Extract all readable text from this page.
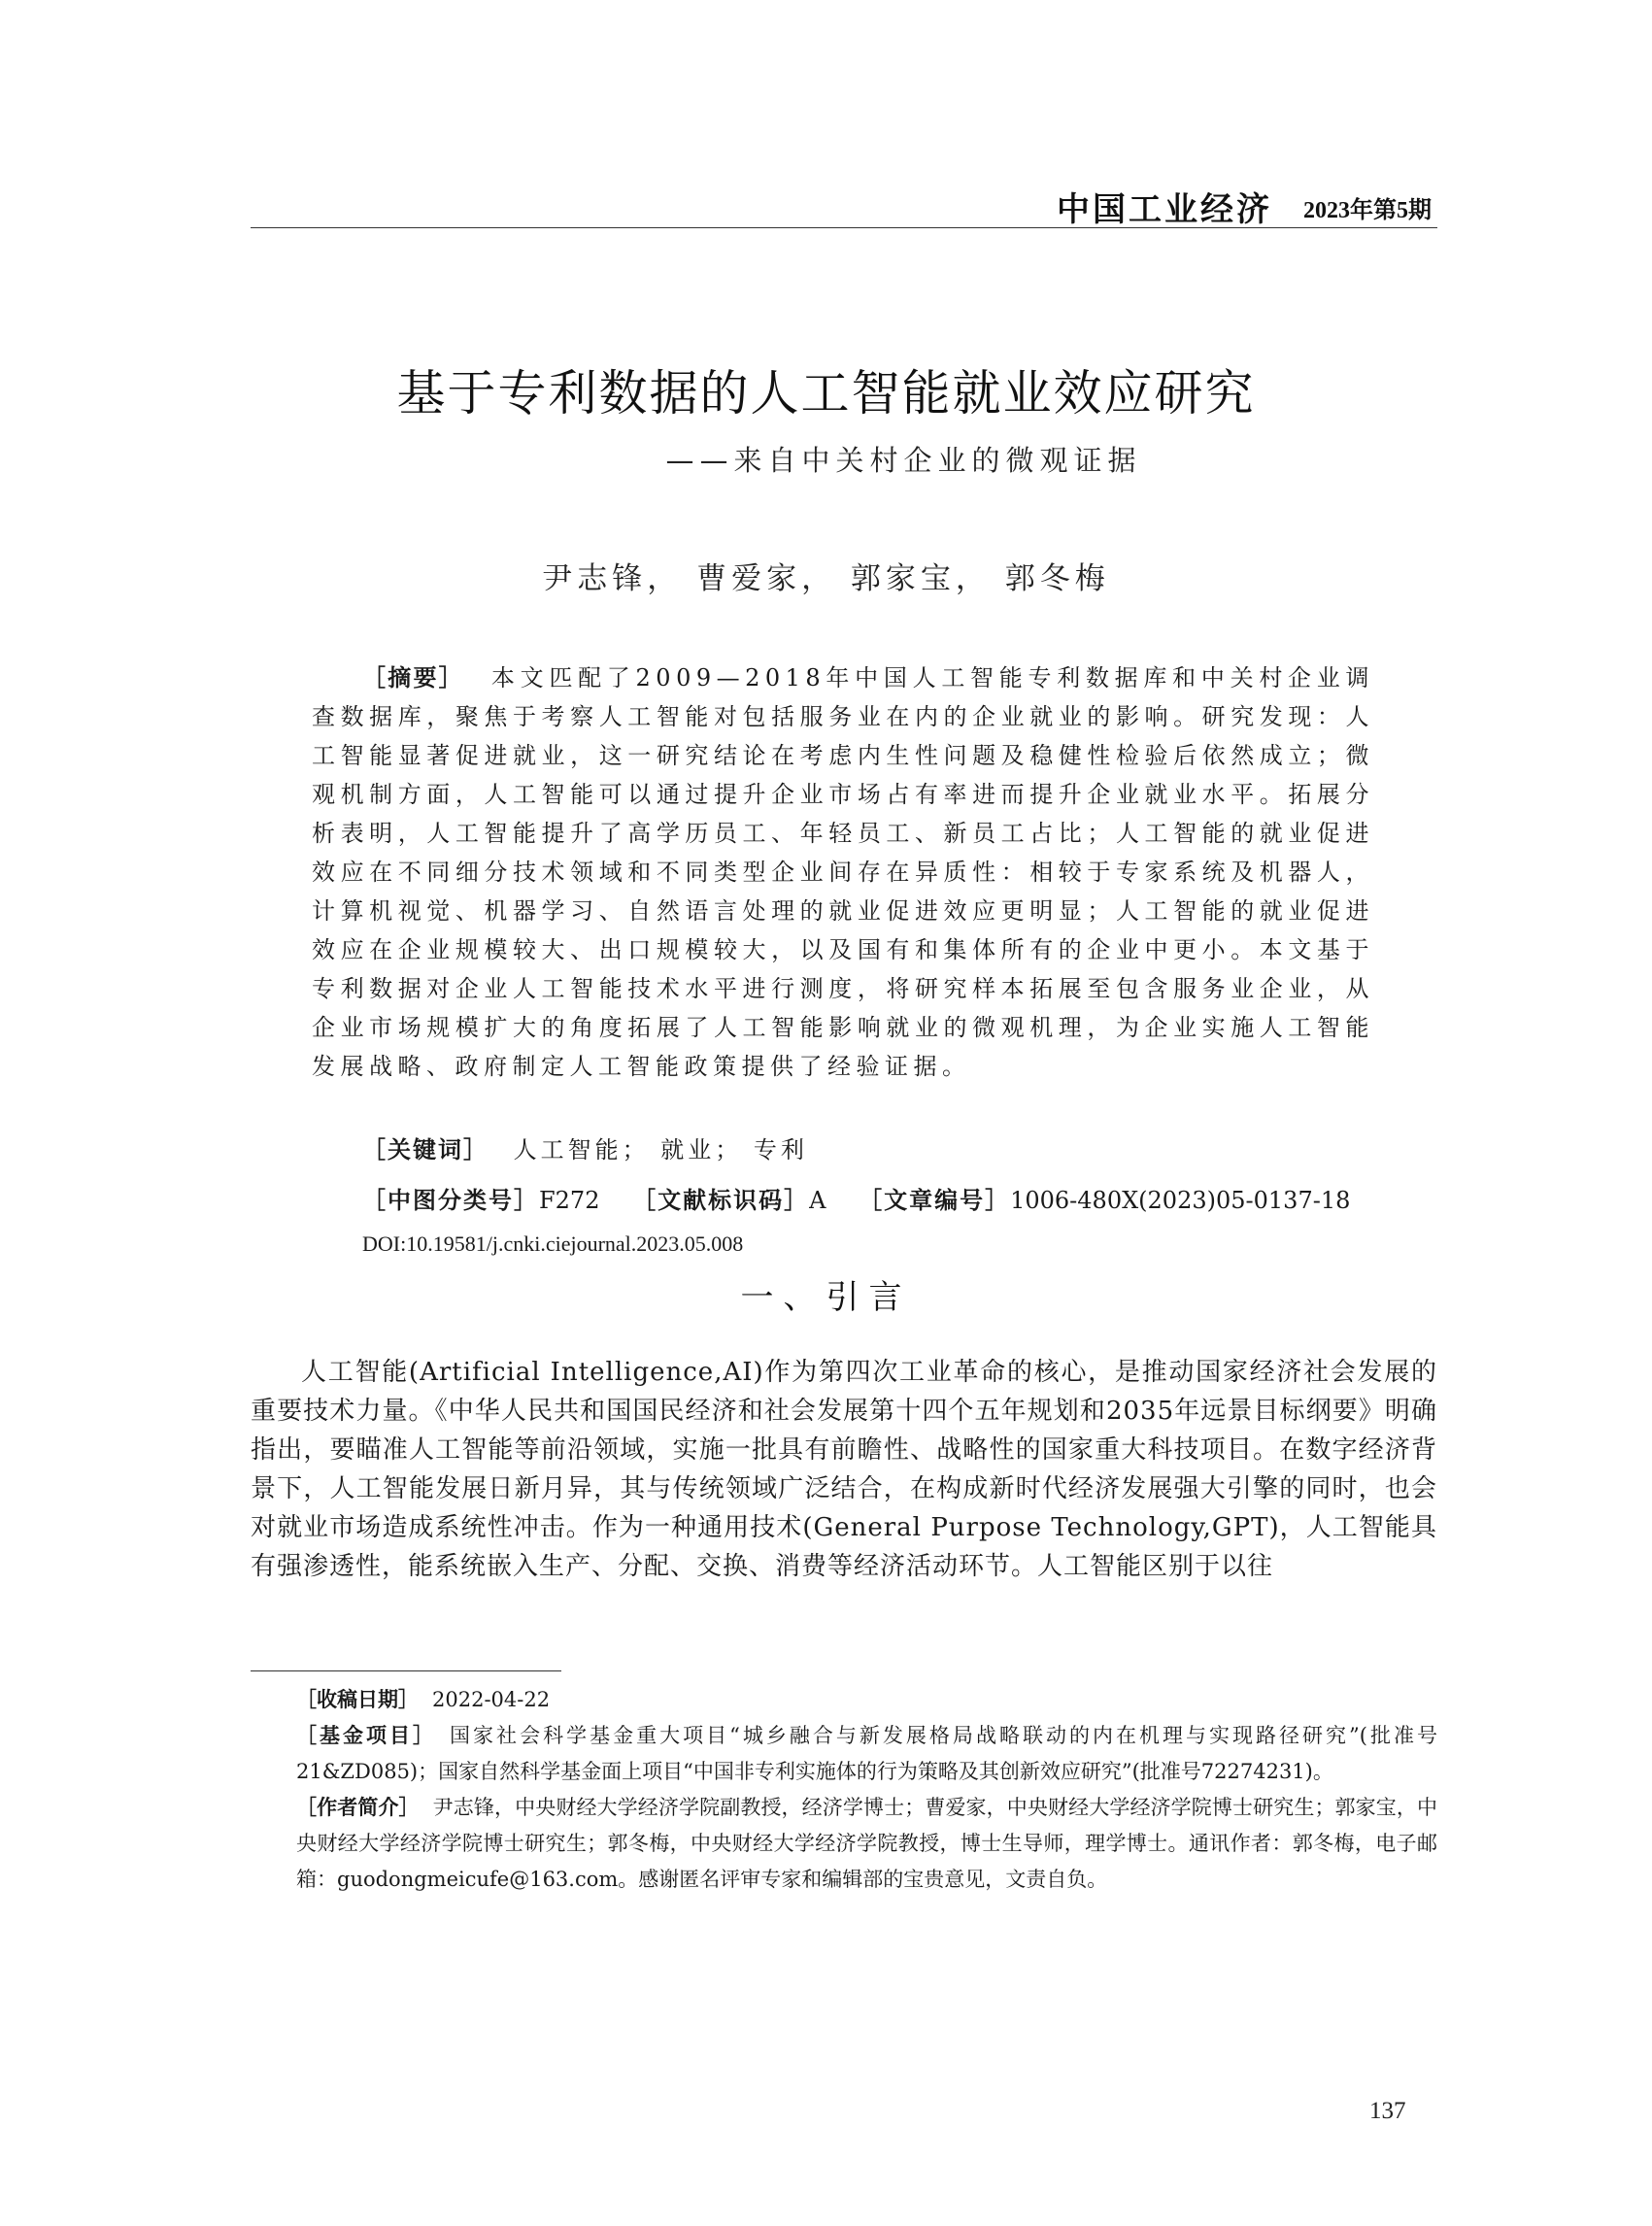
中国工业经济 2023年第5期
基于专利数据的人工智能就业效应研究
——来自中关村企业的微观证据
尹志锋， 曹爱家， 郭家宝， 郭冬梅
［摘要］ 本文匹配了2009—2018年中国人工智能专利数据库和中关村企业调查数据库，聚焦于考察人工智能对包括服务业在内的企业就业的影响。研究发现：人工智能显著促进就业，这一研究结论在考虑内生性问题及稳健性检验后依然成立；微观机制方面，人工智能可以通过提升企业市场占有率进而提升企业就业水平。拓展分析表明，人工智能提升了高学历员工、年轻员工、新员工占比；人工智能的就业促进效应在不同细分技术领域和不同类型企业间存在异质性：相较于专家系统及机器人，计算机视觉、机器学习、自然语言处理的就业促进效应更明显；人工智能的就业促进效应在企业规模较大、出口规模较大，以及国有和集体所有的企业中更小。本文基于专利数据对企业人工智能技术水平进行测度，将研究样本拓展至包含服务业企业，从企业市场规模扩大的角度拓展了人工智能影响就业的微观机理，为企业实施人工智能发展战略、政府制定人工智能政策提供了经验证据。
［关键词］ 人工智能； 就业； 专利
［中图分类号］F272 ［文献标识码］A ［文章编号］1006-480X(2023)05-0137-18
DOI:10.19581/j.cnki.ciejournal.2023.05.008
一、引言
人工智能(Artificial Intelligence,AI)作为第四次工业革命的核心，是推动国家经济社会发展的重要技术力量。《中华人民共和国国民经济和社会发展第十四个五年规划和2035年远景目标纲要》明确指出，要瞄准人工智能等前沿领域，实施一批具有前瞻性、战略性的国家重大科技项目。在数字经济背景下，人工智能发展日新月异，其与传统领域广泛结合，在构成新时代经济发展强大引擎的同时，也会对就业市场造成系统性冲击。作为一种通用技术(General Purpose Technology,GPT)，人工智能具有强渗透性，能系统嵌入生产、分配、交换、消费等经济活动环节。人工智能区别于以往

［收稿日期］ 2022-04-22

［基金项目］ 国家社会科学基金重大项目“城乡融合与新发展格局战略联动的内在机理与实现路径研究”(批准号21&ZD085)；国家自然科学基金面上项目“中国非专利实施体的行为策略及其创新效应研究”(批准号72274231)。

［作者简介］ 尹志锋，中央财经大学经济学院副教授，经济学博士；曹爱家，中央财经大学经济学院博士研究生；郭家宝，中央财经大学经济学院博士研究生；郭冬梅，中央财经大学经济学院教授，博士生导师，理学博士。通讯作者：郭冬梅，电子邮箱：guodongmeicufe@163.com。感谢匿名评审专家和编辑部的宝贵意见，文责自负。

137
